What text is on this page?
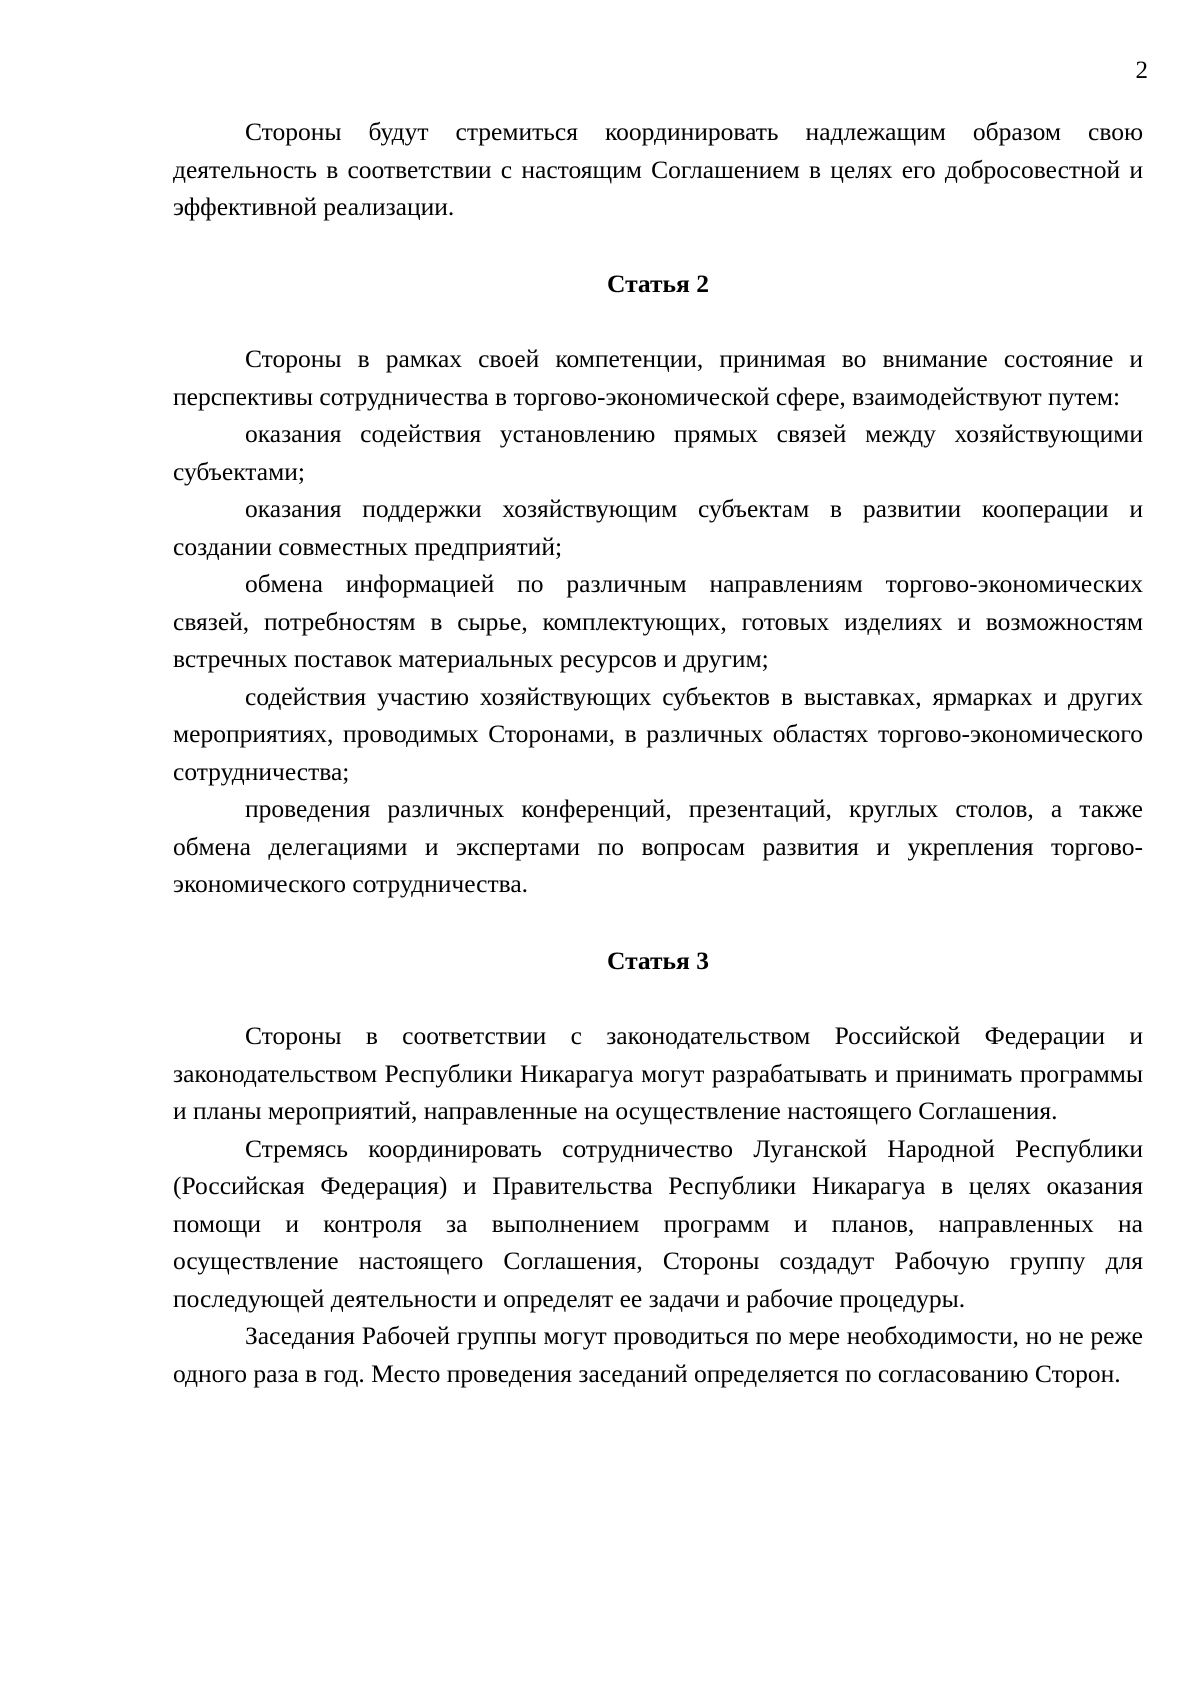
2

Стороны будут стремиться координировать надлежащим образом свою деятельность в соответствии с настоящим Соглашением в целях его добросовестной и эффективной реализации.

Статья 2

Стороны в рамках своей компетенции, принимая во внимание состояние и перспективы сотрудничества в торгово-экономической сфере, взаимодействуют путем:

оказания содействия установлению прямых связей между хозяйствующими субъектами;

оказания поддержки хозяйствующим субъектам в развитии кооперации и создании совместных предприятий;

обмена информацией по различным направлениям торгово-экономических связей, потребностям в сырье, комплектующих, готовых изделиях и возможностям встречных поставок материальных ресурсов и другим;

содействия участию хозяйствующих субъектов в выставках, ярмарках и других мероприятиях, проводимых Сторонами, в различных областях торгово-экономического сотрудничества;

проведения различных конференций, презентаций, круглых столов, а также обмена делегациями и экспертами по вопросам развития и укрепления торгово-экономического сотрудничества.

Статья 3

Стороны в соответствии с законодательством Российской Федерации и законодательством Республики Никарагуа могут разрабатывать и принимать программы и планы мероприятий, направленные на осуществление настоящего Соглашения.

Стремясь координировать сотрудничество Луганской Народной Республики (Российская Федерация) и Правительства Республики Никарагуа в целях оказания помощи и контроля за выполнением программ и планов, направленных на осуществление настоящего Соглашения, Стороны создадут Рабочую группу для последующей деятельности и определят ее задачи и рабочие процедуры.

Заседания Рабочей группы могут проводиться по мере необходимости, но не реже одного раза в год. Место проведения заседаний определяется по согласованию Сторон.
